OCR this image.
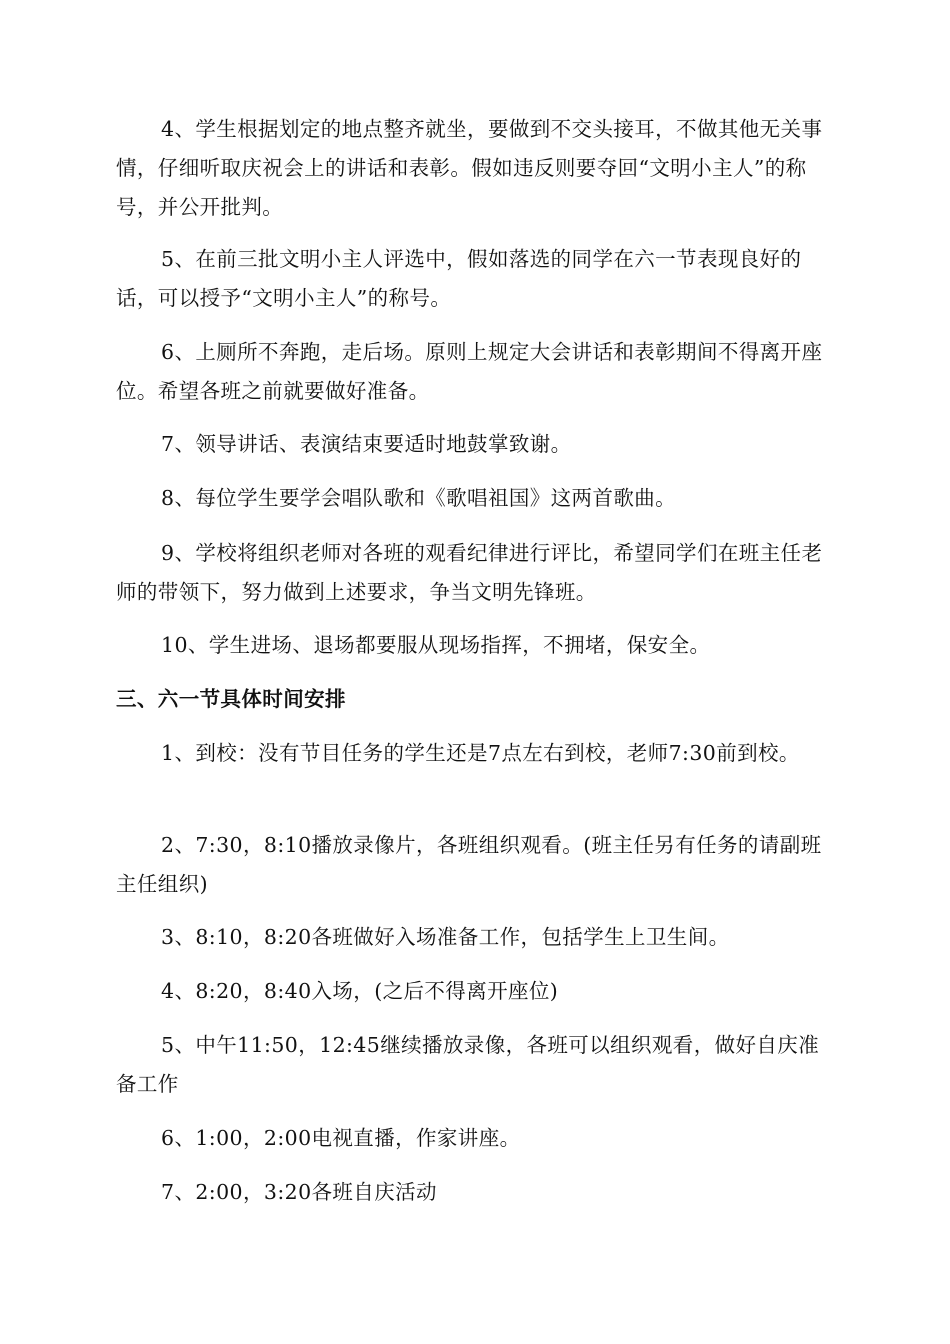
4、学生根据划定的地点整齐就坐，要做到不交头接耳，不做其他无关事情，仔细听取庆祝会上的讲话和表彰。假如违反则要夺回“文明小主人”的称号，并公开批判。

5、在前三批文明小主人评选中，假如落选的同学在六一节表现良好的话，可以授予“文明小主人”的称号。

6、上厕所不奔跑，走后场。原则上规定大会讲话和表彰期间不得离开座位。希望各班之前就要做好准备。

7、领导讲话、表演结束要适时地鼓掌致谢。

8、每位学生要学会唱队歌和《歌唱祖国》这两首歌曲。

9、学校将组织老师对各班的观看纪律进行评比，希望同学们在班主任老师的带领下，努力做到上述要求，争当文明先锋班。

10、学生进场、退场都要服从现场指挥，不拥堵，保安全。

三、六一节具体时间安排

1、到校：没有节目任务的学生还是7点左右到校，老师7:30前到校。

2、7:30，8:10播放录像片，各班组织观看。(班主任另有任务的请副班主任组织)

3、8:10，8:20各班做好入场准备工作，包括学生上卫生间。

4、8:20，8:40入场，(之后不得离开座位)

5、中午11:50，12:45继续播放录像，各班可以组织观看，做好自庆准备工作

6、1:00，2:00电视直播，作家讲座。

7、2:00，3:20各班自庆活动
